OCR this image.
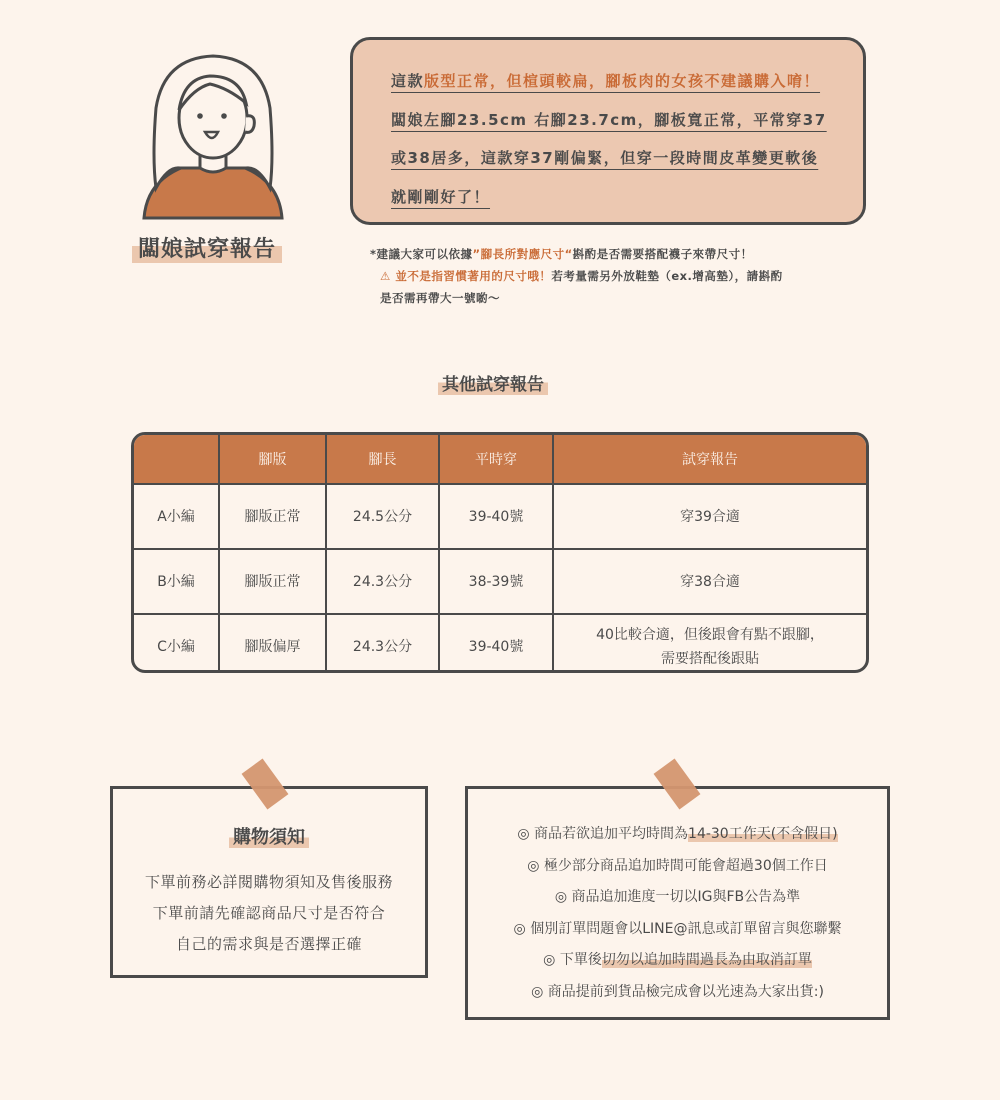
闆娘試穿報告

這款版型正常，但楦頭較扁，腳板肉的女孩不建議購入唷！

闆娘左腳23.5cm 右腳23.7cm，腳板寬正常，平常穿37

或38居多，這款穿37剛偏緊，但穿一段時間皮革變更軟後

就剛剛好了！

*建議大家可以依據”腳長所對應尺寸“斟酌是否需要搭配襪子來帶尺寸！
⚠ 並不是指習慣著用的尺寸哦！若考量需另外放鞋墊（ex.增高墊），請斟酌
是否需再帶大一號喲～
其他試穿報告
	腳版	腳長	平時穿	試穿報告
A小編	腳版正常	24.5公分	39-40號	穿39合適
B小編	腳版正常	24.3公分	38-39號	穿38合適
C小編	腳版偏厚	24.3公分	39-40號	40比較合適，但後跟會有點不跟腳，
需要搭配後跟貼
購物須知
下單前務必詳閱購物須知及售後服務
下單前請先確認商品尺寸是否符合
自己的需求與是否選擇正確
◎ 商品若欲追加平均時間為14-30工作天(不含假日)
◎ 極少部分商品追加時間可能會超過30個工作日
◎ 商品追加進度一切以IG與FB公告為準
◎ 個別訂單問題會以LINE@訊息或訂單留言與您聯繫
◎ 下單後切勿以追加時間過長為由取消訂單
◎ 商品提前到貨品檢完成會以光速為大家出貨:)
